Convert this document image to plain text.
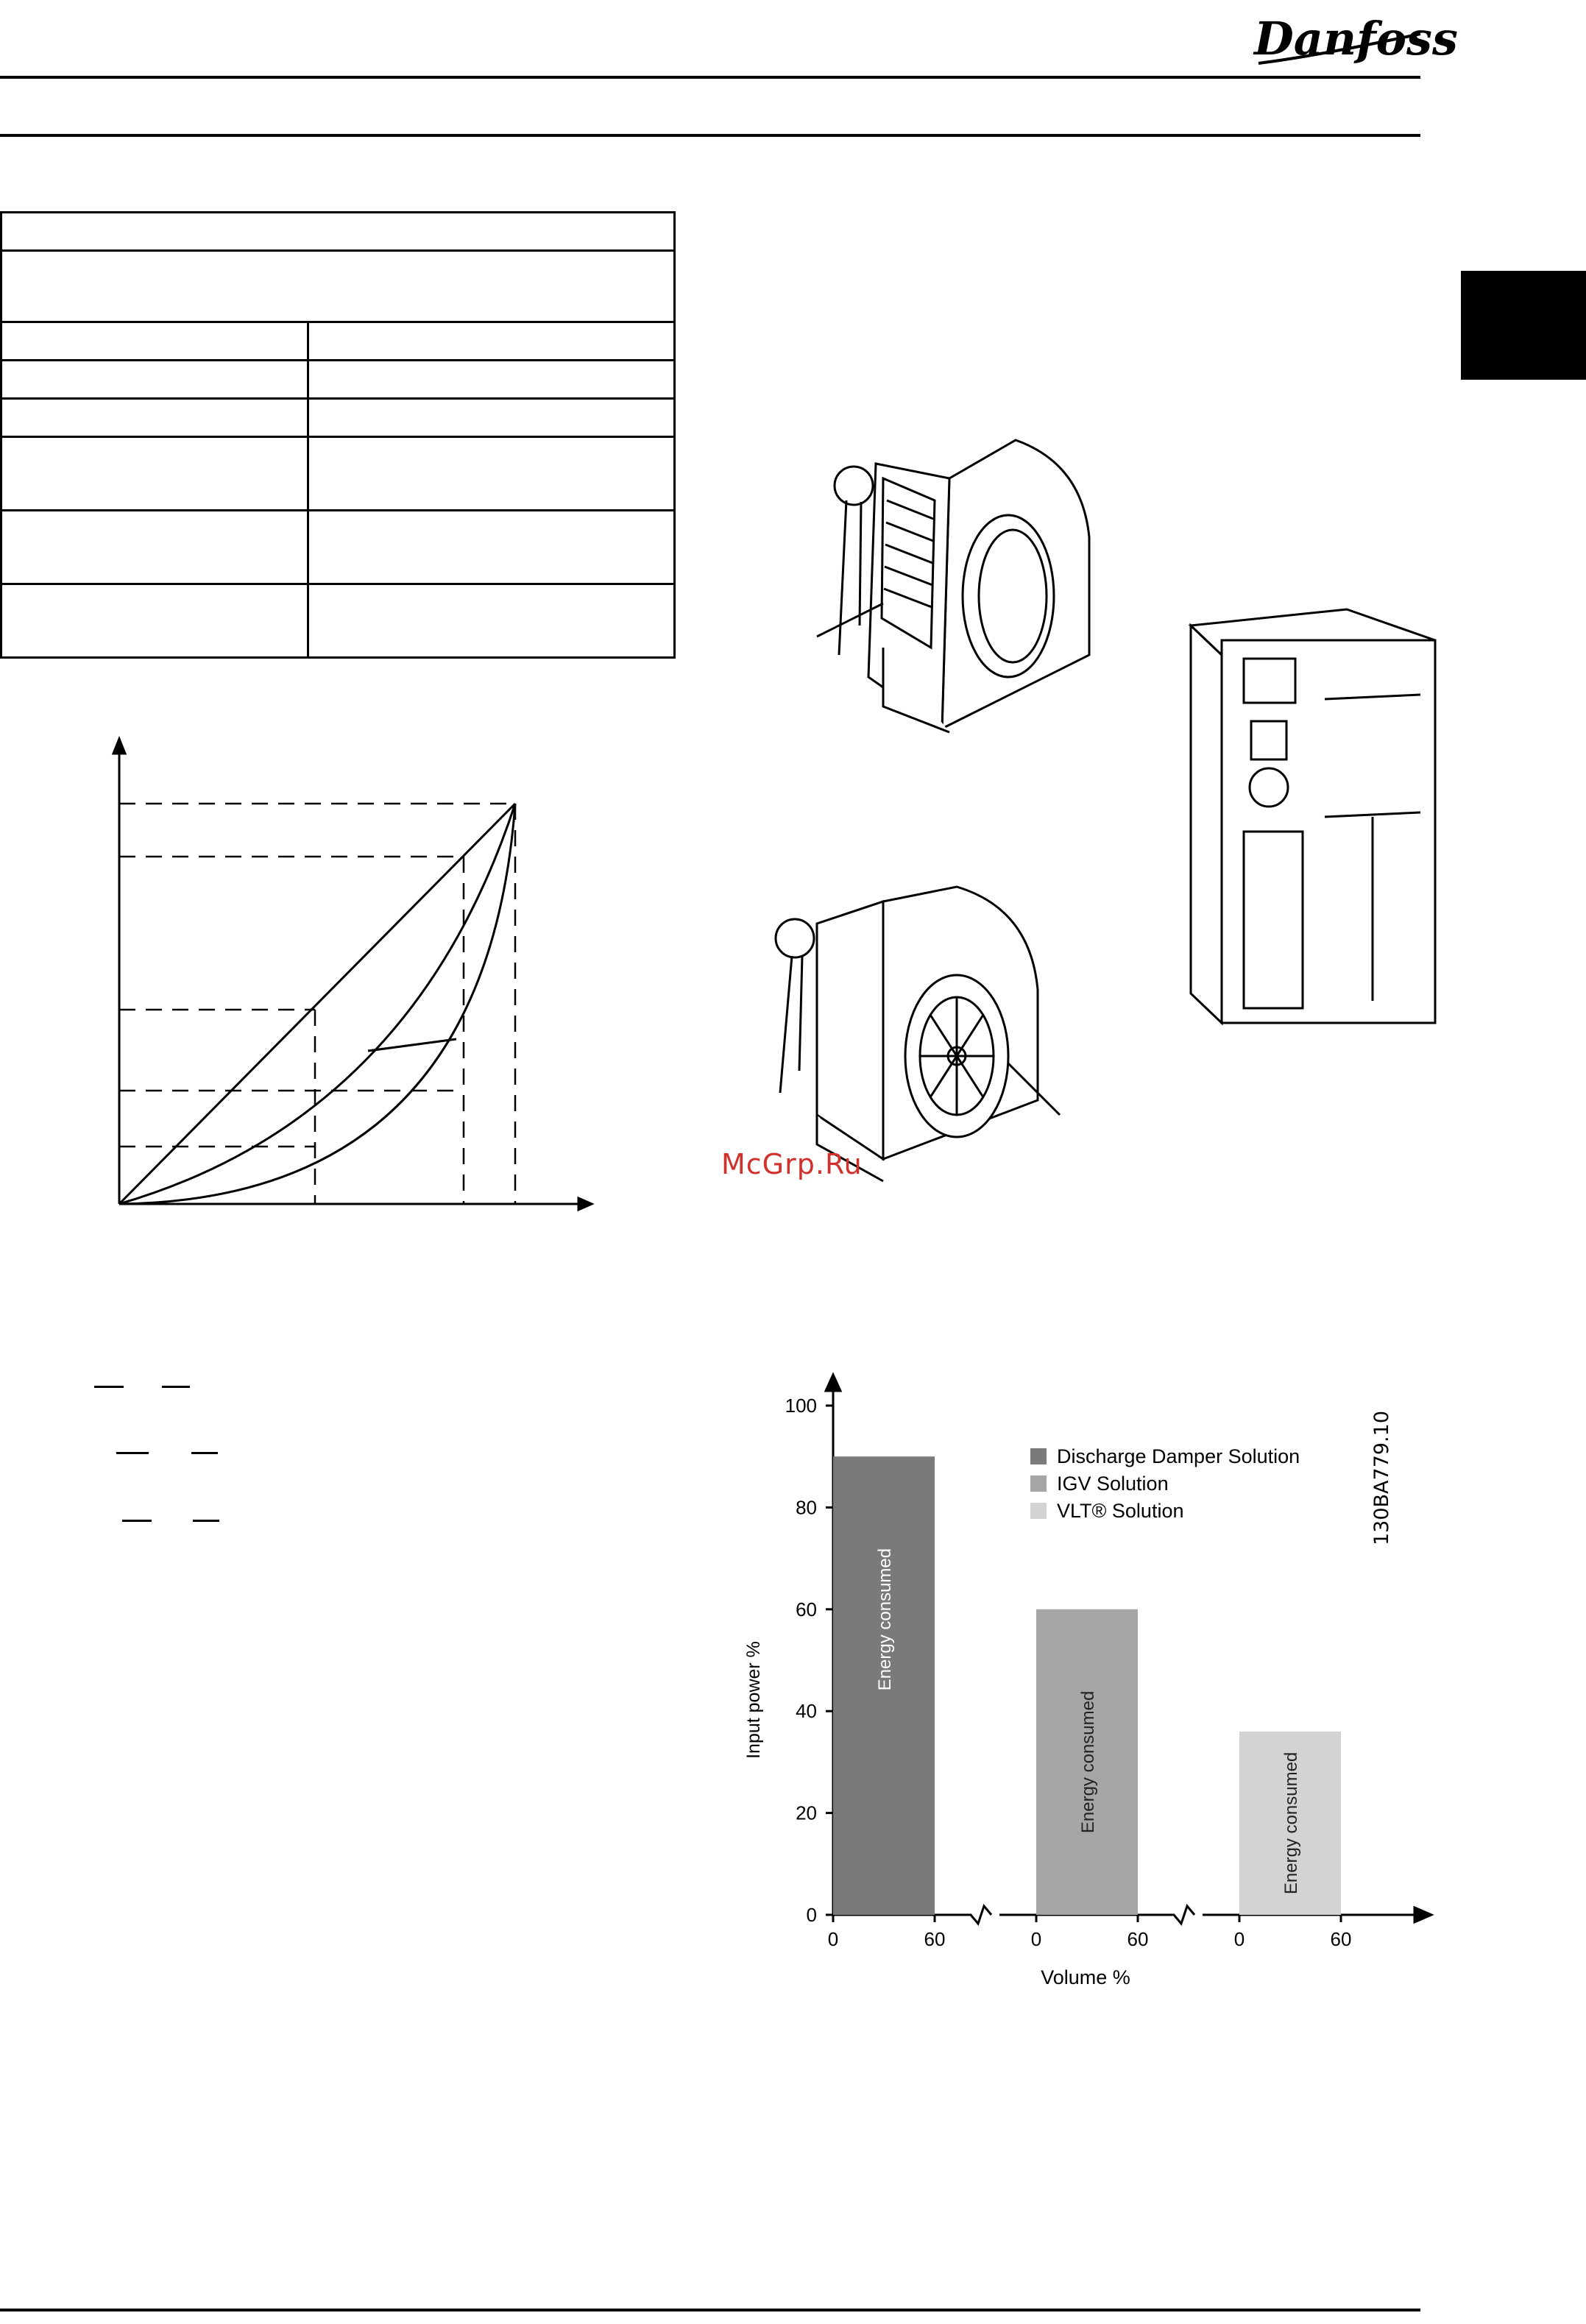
Danfoss

McGrp.Ru
130BA779.10
0
20
40
60
80
100
Energy consumed
0	60
Energy consumed
0	60
Energy consumed
0	60
Discharge Damper Solution
IGV Solution
VLT® Solution
Input power %
Volume %
